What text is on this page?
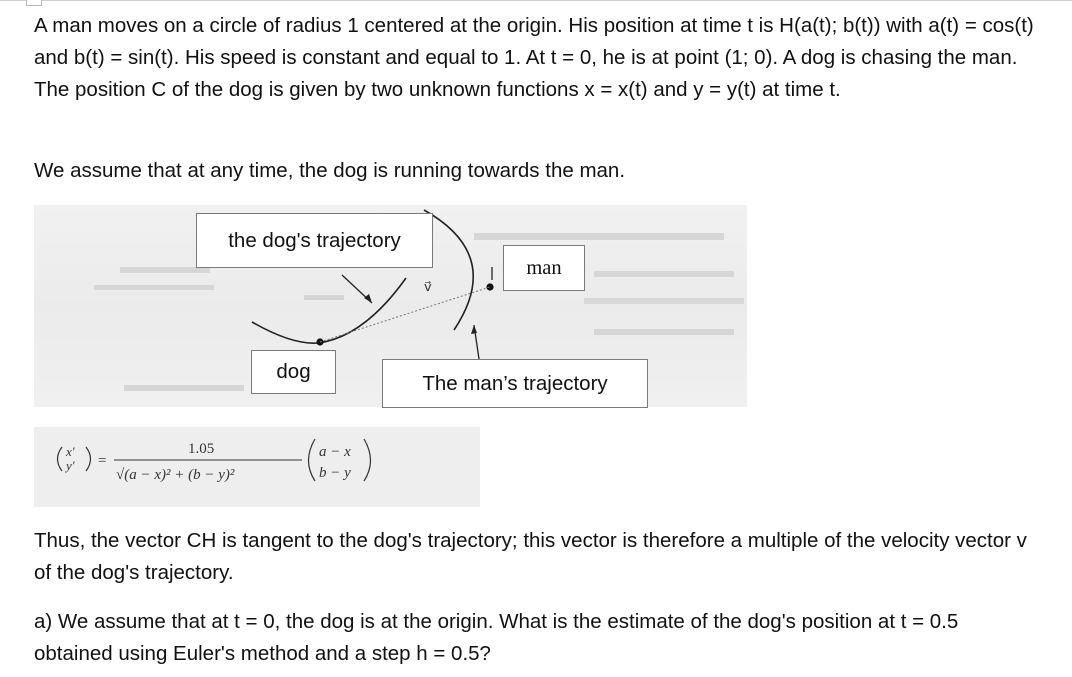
A man moves on a circle of radius 1 centered at the origin. His position at time t is H(a(t); b(t)) with a(t) = cos(t) and b(t) = sin(t). His speed is constant and equal to 1. At t = 0, he is at point (1; 0). A dog is chasing the man. The position C of the dog is given by two unknown functions x = x(t) and y = y(t) at time t.

We assume that at any time, the dog is running towards the man.

v⃗
the dog's trajectory
man
dog	The man’s trajectory
x′
y′ =
1.05
√(a − x)² + (b − y)²
a − x
b − y

Thus, the vector CH is tangent to the dog's trajectory; this vector is therefore a multiple of the velocity vector v of the dog's trajectory.

a) We assume that at t = 0, the dog is at the origin. What is the estimate of the dog's position at t = 0.5 obtained using Euler's method and a step h = 0.5?
